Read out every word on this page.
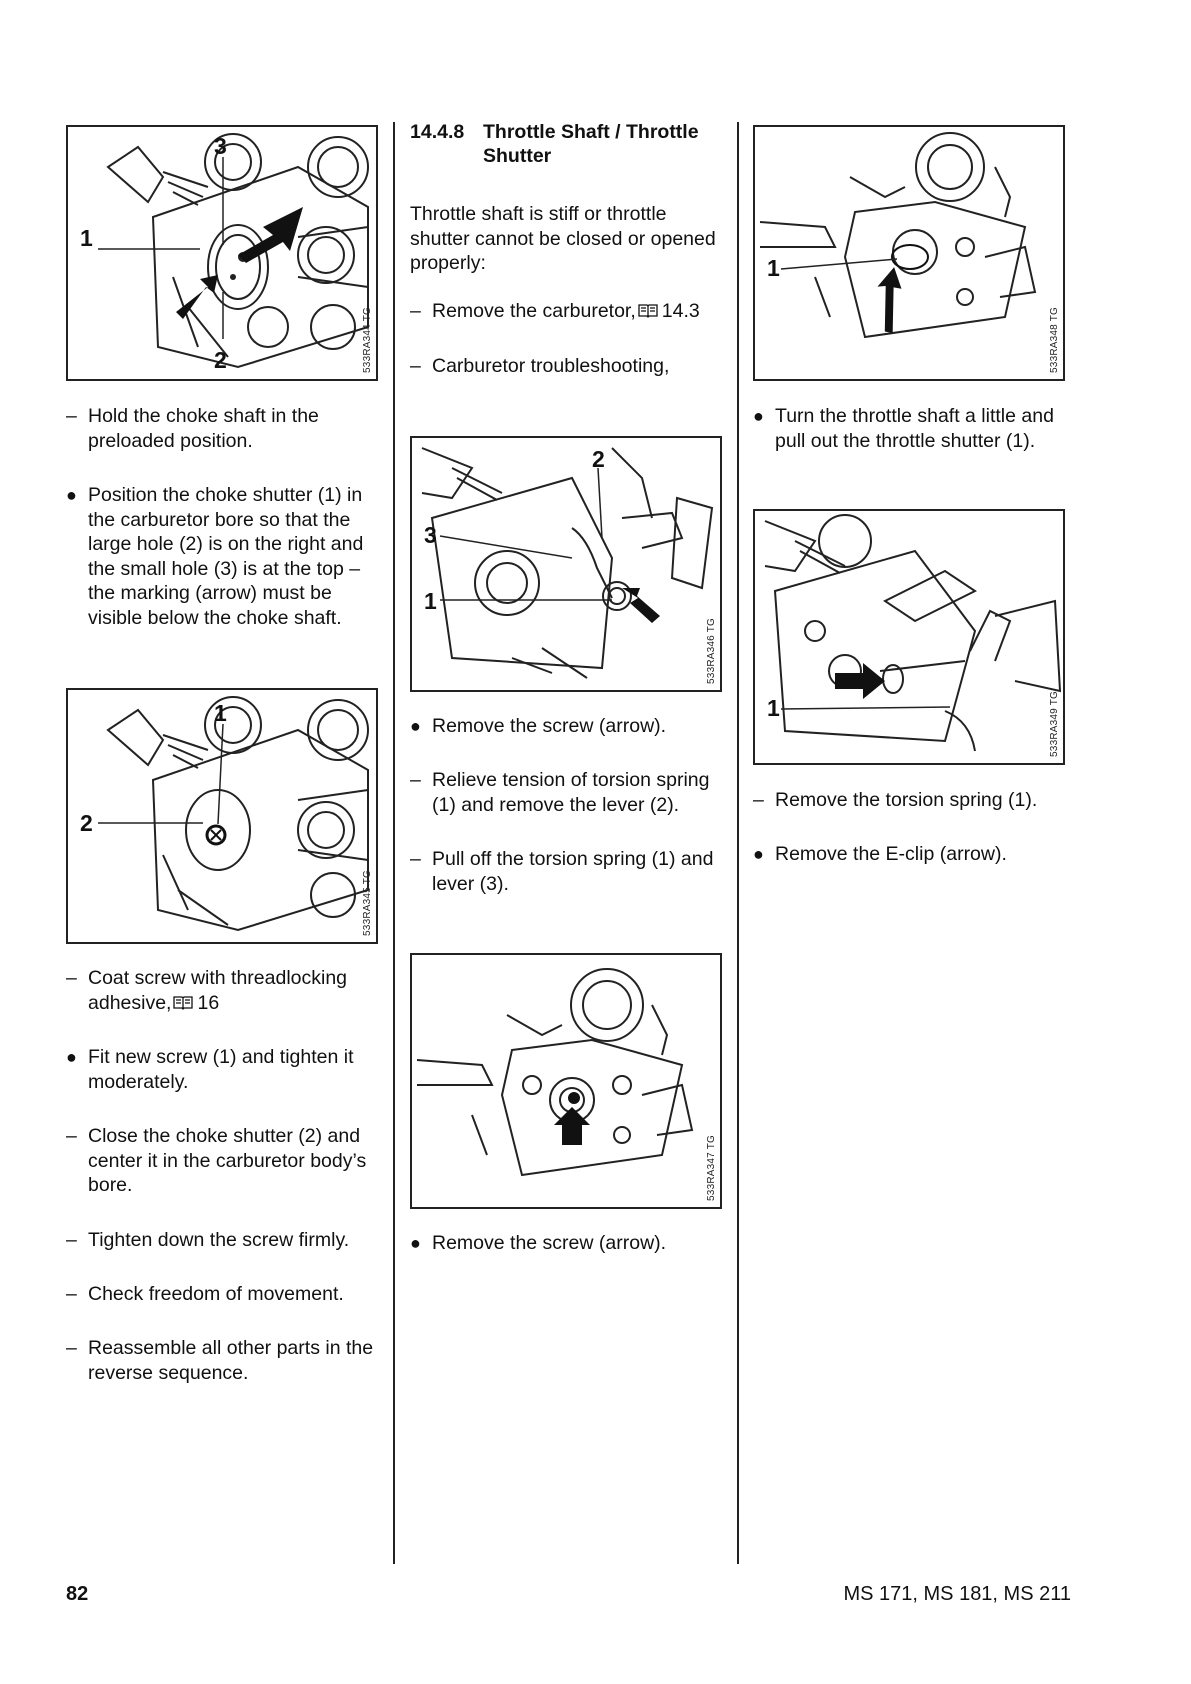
1
2
3
533RA344 TG
– Hold the choke shaft in the
preloaded position.
● Position the choke shutter (1) in
the carburetor bore so that the
large hole (2) is on the right and
the small hole (3) is at the top –
the marking (arrow) must be
visible below the choke shaft.
1
2
533RA345 TG
– Coat screw with threadlocking
adhesive, 16
● Fit new screw (1) and tighten it
moderately.
– Close the choke shutter (2) and
center it in the carburetor body’s
bore.
– Tighten down the screw firmly.
– Check freedom of movement.
– Reassemble all other parts in the
reverse sequence.
14.4.8 Throttle Shaft / Throttle
Shutter
Throttle shaft is stiff or throttle
shutter cannot be closed or opened
properly:
– Remove the carburetor, 14.3
– Carburetor troubleshooting,
1
2
3
533RA346 TG
● Remove the screw (arrow).
– Relieve tension of torsion spring
(1) and remove the lever (2).
– Pull off the torsion spring (1) and
lever (3).
533RA347 TG
● Remove the screw (arrow).
1
533RA348 TG
● Turn the throttle shaft a little and
pull out the throttle shutter (1).
1	533RA349 TG
– Remove the torsion spring (1).
● Remove the E-clip (arrow).
82	MS 171, MS 181, MS 211
